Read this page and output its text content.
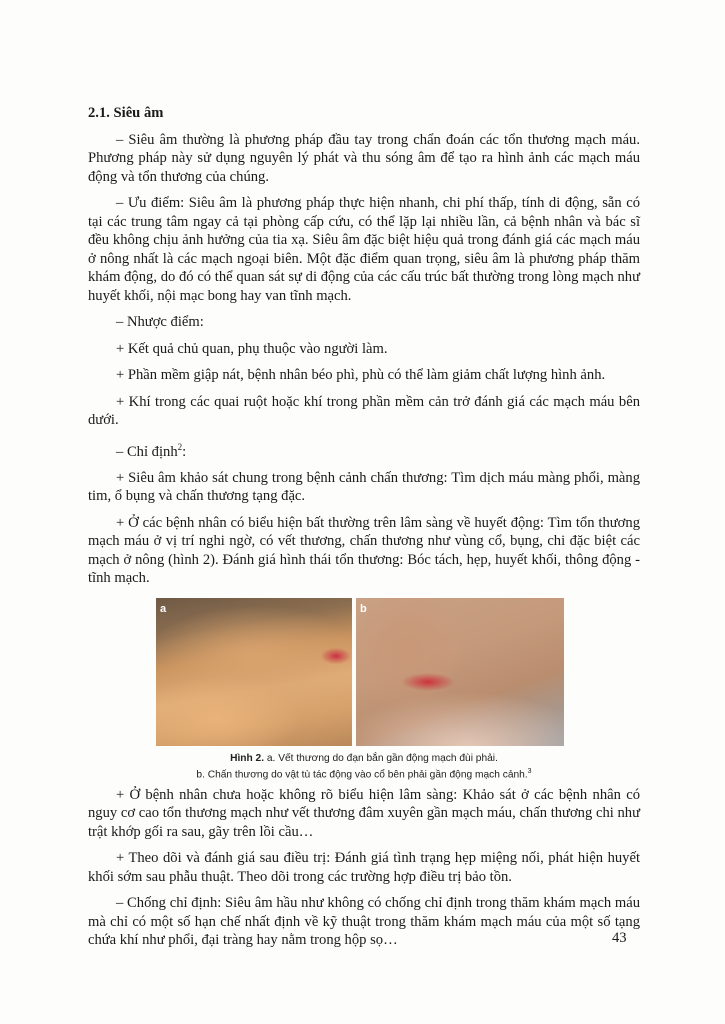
2.1. Siêu âm

– Siêu âm thường là phương pháp đầu tay trong chẩn đoán các tổn thương mạch máu. Phương pháp này sử dụng nguyên lý phát và thu sóng âm để tạo ra hình ảnh các mạch máu động và tổn thương của chúng.

– Ưu điểm: Siêu âm là phương pháp thực hiện nhanh, chi phí thấp, tính di động, sẵn có tại các trung tâm ngay cả tại phòng cấp cứu, có thể lặp lại nhiều lần, cả bệnh nhân và bác sĩ đều không chịu ảnh hưởng của tia xạ. Siêu âm đặc biệt hiệu quả trong đánh giá các mạch máu ở nông nhất là các mạch ngoại biên. Một đặc điểm quan trọng, siêu âm là phương pháp thăm khám động, do đó có thể quan sát sự di động của các cấu trúc bất thường trong lòng mạch như huyết khối, nội mạc bong hay van tĩnh mạch.

– Nhược điểm:

+ Kết quả chủ quan, phụ thuộc vào người làm.

+ Phần mềm giập nát, bệnh nhân béo phì, phù có thể làm giảm chất lượng hình ảnh.

+ Khí trong các quai ruột hoặc khí trong phần mềm cản trở đánh giá các mạch máu bên dưới.

– Chỉ định$^2$:

+ Siêu âm khảo sát chung trong bệnh cảnh chấn thương: Tìm dịch máu màng phổi, màng tim, ổ bụng và chấn thương tạng đặc.

+ Ở các bệnh nhân có biểu hiện bất thường trên lâm sàng về huyết động: Tìm tổn thương mạch máu ở vị trí nghi ngờ, có vết thương, chấn thương như vùng cổ, bụng, chi đặc biệt các mạch ở nông (hình 2). Đánh giá hình thái tổn thương: Bóc tách, hẹp, huyết khối, thông động - tĩnh mạch.

a	b
Hình 2. a. Vết thương do đạn bắn gần động mạch đùi phải.
b. Chấn thương do vật tù tác động vào cổ bên phải gần động mạch cảnh.$^3$

+ Ở bệnh nhân chưa hoặc không rõ biểu hiện lâm sàng: Khảo sát ở các bệnh nhân có nguy cơ cao tổn thương mạch như vết thương đâm xuyên gần mạch máu, chấn thương chi như trật khớp gối ra sau, gãy trên lồi cầu…

+ Theo dõi và đánh giá sau điều trị: Đánh giá tình trạng hẹp miệng nối, phát hiện huyết khối sớm sau phẫu thuật. Theo dõi trong các trường hợp điều trị bảo tồn.

– Chống chỉ định: Siêu âm hầu như không có chống chỉ định trong thăm khám mạch máu mà chỉ có một số hạn chế nhất định về kỹ thuật trong thăm khám mạch máu của một số tạng chứa khí như phổi, đại tràng hay nằm trong hộp sọ…	43
